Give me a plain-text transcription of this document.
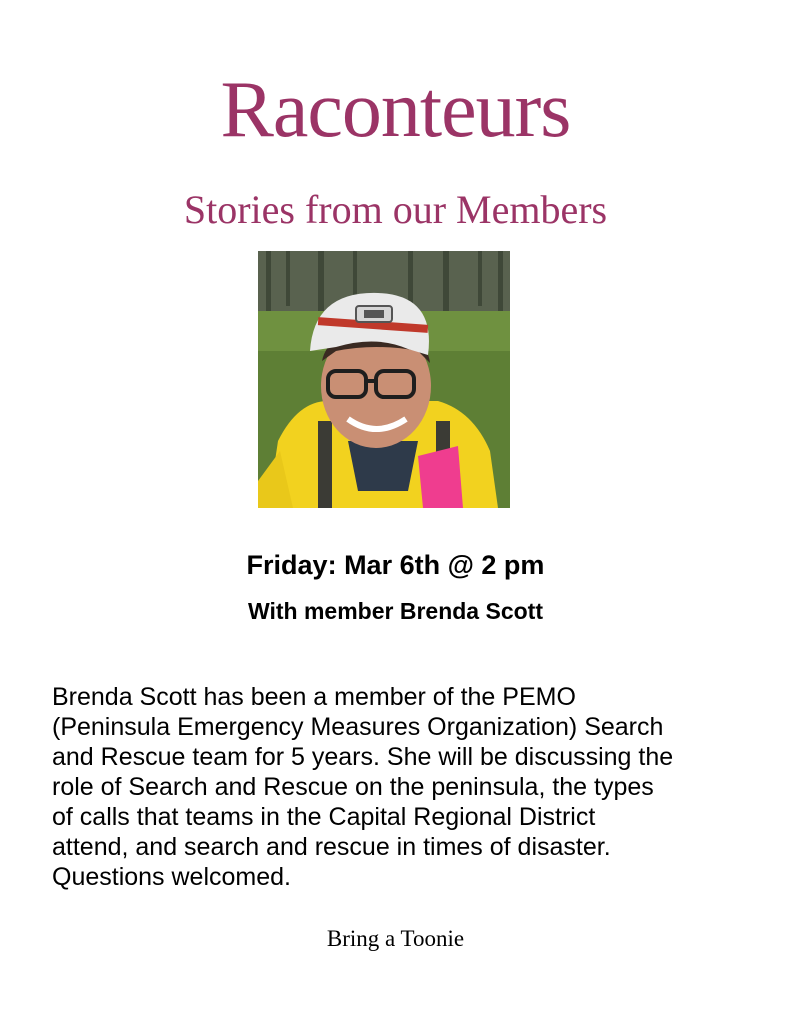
Raconteurs
Stories from our Members
Friday: Mar 6th @ 2 pm
With member Brenda Scott
Brenda Scott has been a member of the PEMO
(Peninsula Emergency Measures Organization) Search
and Rescue team for 5 years. She will be discussing the
role of Search and Rescue on the peninsula, the types
of calls that teams in the Capital Regional District
attend, and search and rescue in times of disaster.
Questions welcomed.
Bring a Toonie
